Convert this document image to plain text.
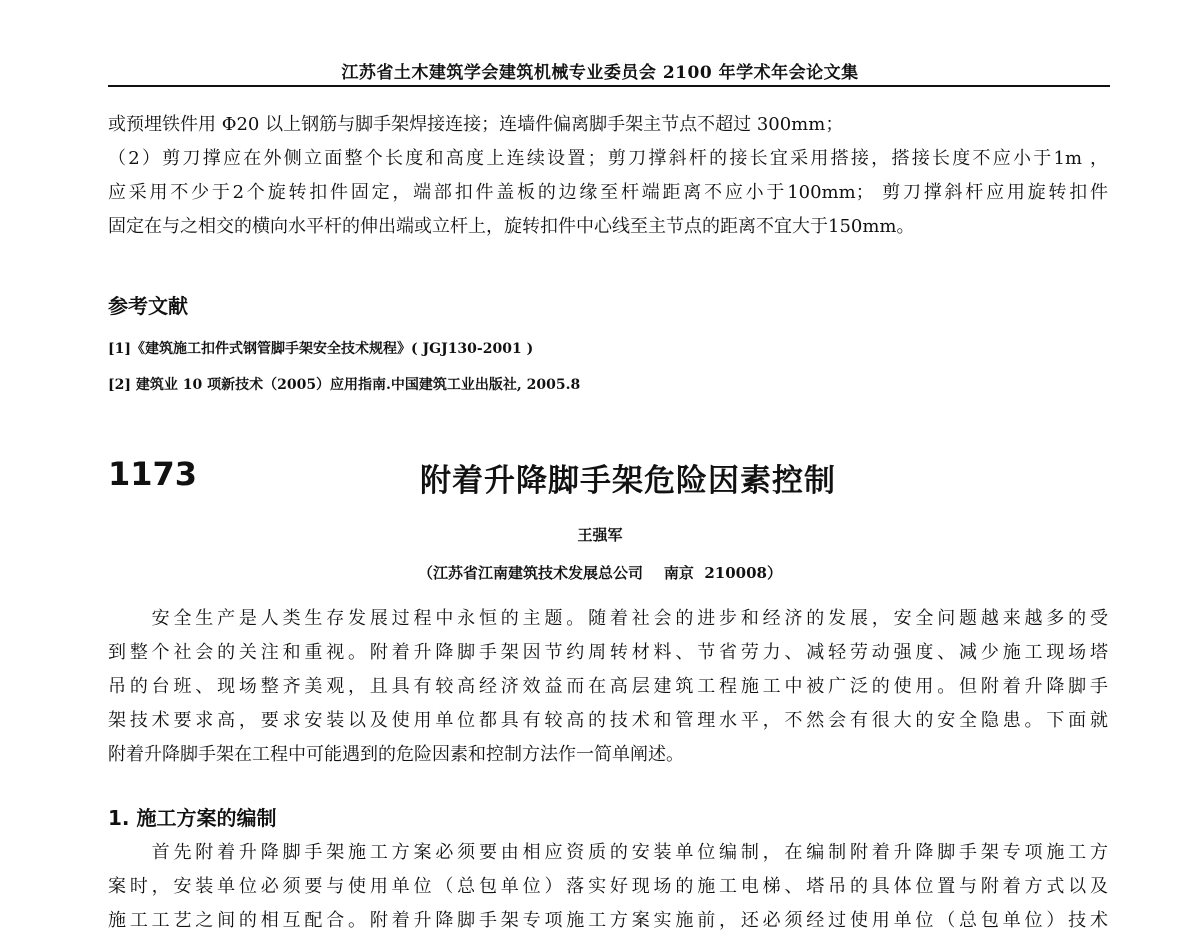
江苏省土木建筑学会建筑机械专业委员会 2100 年学术年会论文集
或预埋铁件用 Φ20 以上钢筋与脚手架焊接连接；连墙件偏离脚手架主节点不超过 300mm；
（2）剪刀撑应在外侧立面整个长度和高度上连续设置；剪刀撑斜杆的接长宜采用搭接，搭接长度不应小于1m ，
应采用不少于2个旋转扣件固定，端部扣件盖板的边缘至杆端距离不应小于100mm； 剪刀撑斜杆应用旋转扣件
固定在与之相交的横向水平杆的伸出端或立杆上，旋转扣件中心线至主节点的距离不宜大于150mm。
参考文献
[1]《建筑施工扣件式钢管脚手架安全技术规程》( JGJ130-2001 )
[2] 建筑业 10 项新技术（2005）应用指南.中国建筑工业出版社, 2005.8
1173	附着升降脚手架危险因素控制
王强军
（江苏省江南建筑技术发展总公司    南京  210008）
　　安全生产是人类生存发展过程中永恒的主题。随着社会的进步和经济的发展，安全问题越来越多的受
到整个社会的关注和重视。附着升降脚手架因节约周转材料、节省劳力、减轻劳动强度、减少施工现场塔
吊的台班、现场整齐美观，且具有较高经济效益而在高层建筑工程施工中被广泛的使用。但附着升降脚手
架技术要求高，要求安装以及使用单位都具有较高的技术和管理水平，不然会有很大的安全隐患。下面就
附着升降脚手架在工程中可能遇到的危险因素和控制方法作一简单阐述。
1. 施工方案的编制
　　首先附着升降脚手架施工方案必须要由相应资质的安装单位编制，在编制附着升降脚手架专项施工方
案时，安装单位必须要与使用单位（总包单位）落实好现场的施工电梯、塔吊的具体位置与附着方式以及
施工工艺之间的相互配合。附着升降脚手架专项施工方案实施前，还必须经过使用单位（总包单位）技术
